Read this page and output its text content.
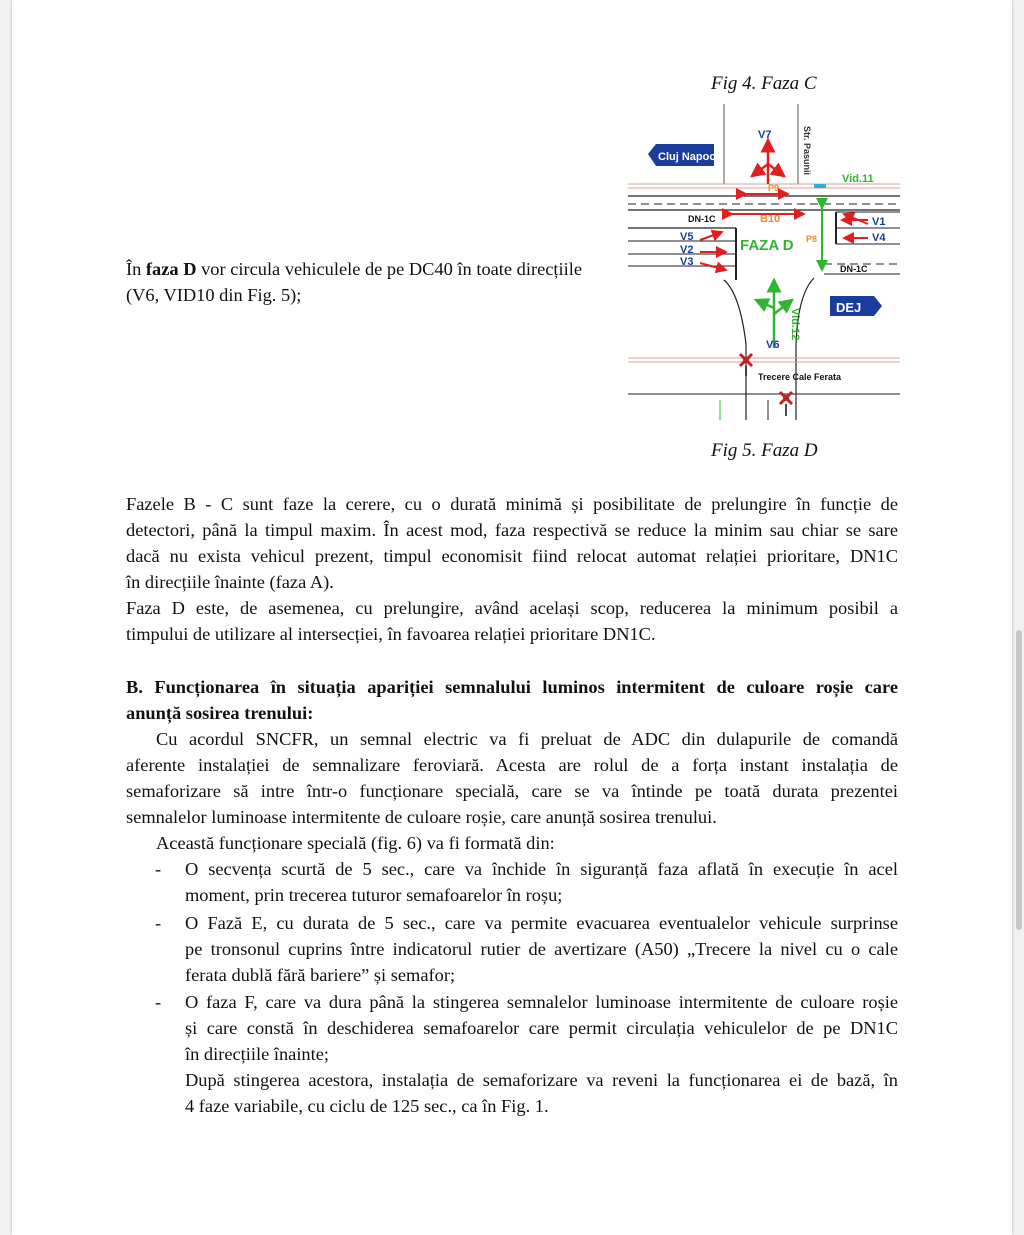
Fig 4. Faza C
În faza D vor circula vehiculele de pe DC40 în toate direcțiile
(V6, VID10 din Fig. 5);
Cluj Napoca
DEJ
Str. Pasunii
V7
P9
Vid.11
B10
DN-1C
V5
V2
V3
V1
V4
FAZA D P8
DN-1C
V6
Vid.12
Trecere Cale Ferata
Fig 5. Faza D
Fazele B - C sunt faze la cerere, cu o durată minimă și posibilitate de prelungire în funcție de
detectori, până la timpul maxim. În acest mod, faza respectivă se reduce la minim sau chiar se sare
dacă nu exista vehicul prezent, timpul economisit fiind relocat automat relației prioritare, DN1C
în direcțiile înainte (faza A).
Faza D este, de asemenea, cu prelungire, având același scop, reducerea la minimum posibil a
timpului de utilizare al intersecției, în favoarea relației prioritare DN1C.
B. Funcționarea în situația apariției semnalului luminos intermitent de culoare roșie care
anunță sosirea trenului:
Cu acordul SNCFR, un semnal electric va fi preluat de ADC din dulapurile de comandă
aferente instalației de semnalizare feroviară. Acesta are rolul de a forța instant instalația de
semaforizare să intre într-o funcționare specială, care se va întinde pe toată durata prezentei
semnalelor luminoase intermitente de culoare roșie, care anunță sosirea trenului.
Această funcționare specială (fig. 6) va fi formată din:
- O secvența scurtă de 5 sec., care va închide în siguranță faza aflată în execuție în acel
moment, prin trecerea tuturor semafoarelor în roșu;
- O Fază E, cu durata de 5 sec., care va permite evacuarea eventualelor vehicule surprinse
pe tronsonul cuprins între indicatorul rutier de avertizare (A50) „Trecere la nivel cu o cale
ferata dublă fără bariere” și semafor;
- O faza F, care va dura până la stingerea semnalelor luminoase intermitente de culoare roșie
și care constă în deschiderea semafoarelor care permit circulația vehiculelor de pe DN1C
în direcțiile înainte;
După stingerea acestora, instalația de semaforizare va reveni la funcționarea ei de bază, în
4 faze variabile, cu ciclu de 125 sec., ca în Fig. 1.
